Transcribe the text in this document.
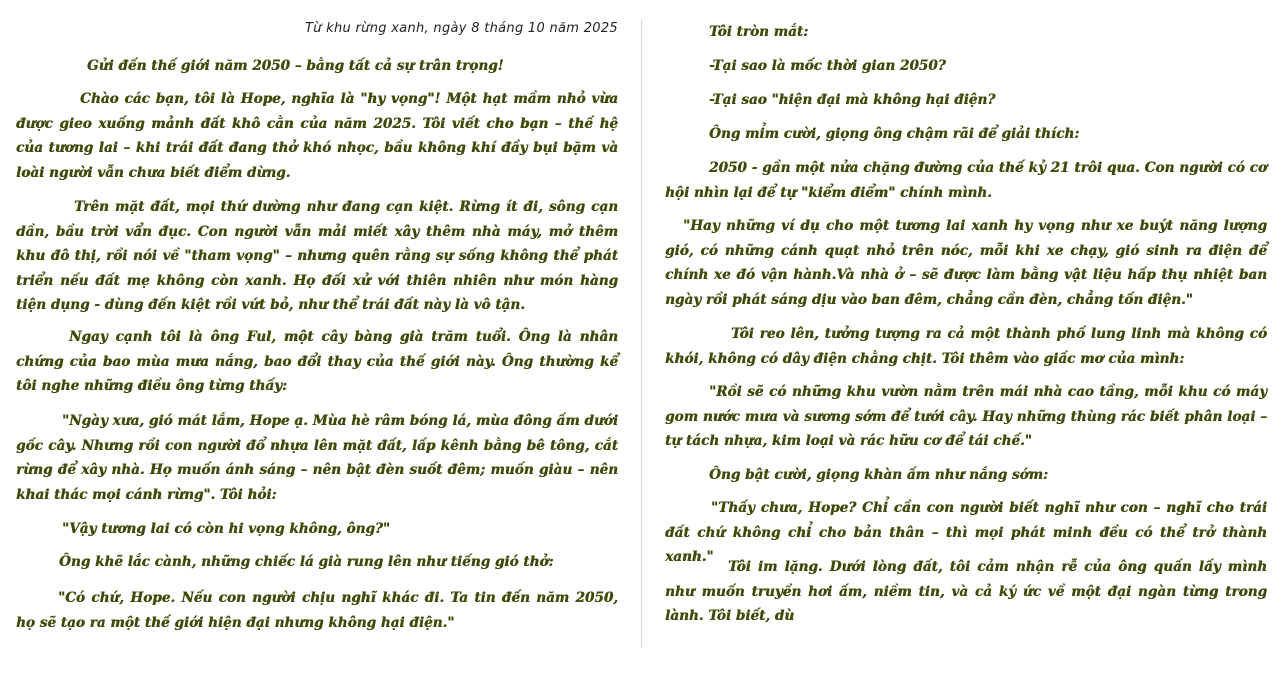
Từ khu rừng xanh, ngày 8 tháng 10 năm 2025

Gửi đến thế giới năm 2050 – bằng tất cả sự trân trọng!

Chào các bạn, tôi là Hope, nghĩa là "hy vọng"! Một hạt mầm nhỏ vừa được gieo xuống mảnh đất khô cằn của năm 2025. Tôi viết cho bạn – thế hệ của tương lai – khi trái đất đang thở khó nhọc, bầu không khí đầy bụi bặm và loài người vẫn chưa biết điểm dừng.

Trên mặt đất, mọi thứ dường như đang cạn kiệt. Rừng ít đi, sông cạn dần, bầu trời vẩn đục. Con người vẫn mải miết xây thêm nhà máy, mở thêm khu đô thị, rồi nói về "tham vọng" – nhưng quên rằng sự sống không thể phát triển nếu đất mẹ không còn xanh. Họ đối xử với thiên nhiên như món hàng tiện dụng - dùng đến kiệt rồi vứt bỏ, như thể trái đất này là vô tận.

Ngay cạnh tôi là ông Ful, một cây bàng già trăm tuổi. Ông là nhân chứng của bao mùa mưa nắng, bao đổi thay của thế giới này. Ông thường kể tôi nghe những điều ông từng thấy:

"Ngày xưa, gió mát lắm, Hope ạ. Mùa hè râm bóng lá, mùa đông ấm dưới gốc cây. Nhưng rồi con người đổ nhựa lên mặt đất, lấp kênh bằng bê tông, cắt rừng để xây nhà. Họ muốn ánh sáng – nên bật đèn suốt đêm; muốn giàu – nên khai thác mọi cánh rừng". Tôi hỏi:

"Vậy tương lai có còn hi vọng không, ông?"

Ông khẽ lắc cành, những chiếc lá già rung lên như tiếng gió thở:

"Có chứ, Hope. Nếu con người chịu nghĩ khác đi. Ta tin đến năm 2050, họ sẽ tạo ra một thế giới hiện đại nhưng không hại điện."

Tôi tròn mắt:

-Tại sao là mốc thời gian 2050?

-Tại sao "hiện đại mà không hại điện?

Ông mỉm cười, giọng ông chậm rãi để giải thích:

2050 - gần một nửa chặng đường của thế kỷ 21 trôi qua. Con người có cơ hội nhìn lại để tự "kiểm điểm" chính mình.

"Hay những ví dụ cho một tương lai xanh hy vọng như xe buýt năng lượng gió, có những cánh quạt nhỏ trên nóc, mỗi khi xe chạy, gió sinh ra điện để chính xe đó vận hành.Và nhà ở – sẽ được làm bằng vật liệu hấp thụ nhiệt ban ngày rồi phát sáng dịu vào ban đêm, chẳng cần đèn, chẳng tốn điện."

Tôi reo lên, tưởng tượng ra cả một thành phố lung linh mà không có khói, không có dây điện chằng chịt. Tôi thêm vào giấc mơ của mình:

"Rồi sẽ có những khu vườn nằm trên mái nhà cao tầng, mỗi khu có máy gom nước mưa và sương sớm để tưới cây. Hay những thùng rác biết phân loại – tự tách nhựa, kim loại và rác hữu cơ để tái chế."

Ông bật cười, giọng khàn ấm như nắng sớm:

"Thấy chưa, Hope? Chỉ cần con người biết nghĩ như con – nghĩ cho trái đất chứ không chỉ cho bản thân – thì mọi phát minh đều có thể trở thành xanh."

Tôi im lặng. Dưới lòng đất, tôi cảm nhận rễ của ông quấn lấy mình như muốn truyền hơi ấm, niềm tin, và cả ký ức về một đại ngàn từng trong lành. Tôi biết, dù
